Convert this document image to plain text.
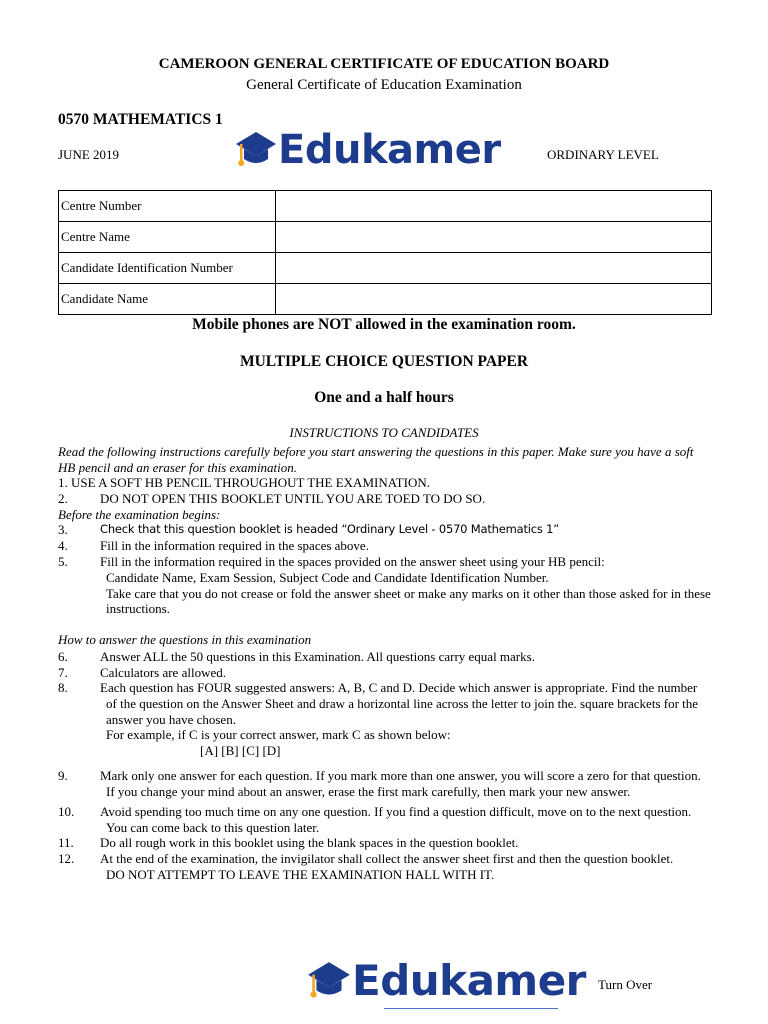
CAMEROON GENERAL CERTIFICATE OF EDUCATION BOARD
General Certificate of Education Examination
0570 MATHEMATICS 1
JUNE 2019	ORDINARY LEVEL
Edukamer
Centre Number	
Centre Name	
Candidate Identification Number	
Candidate Name	
Mobile phones are NOT allowed in the examination room.
MULTIPLE CHOICE QUESTION PAPER
One and a half hours
INSTRUCTIONS TO CANDIDATES
Read the following instructions carefully before you start answering the questions in this paper. Make sure you have a soft HB pencil and an eraser for this examination.
1. USE A SOFT HB PENCIL THROUGHOUT THE EXAMINATION.
2.	DO NOT OPEN THIS BOOKLET UNTIL YOU ARE TOED TO DO SO.
Before the examination begins:
3.	Check that this question booklet is headed “Ordinary Level - 0570 Mathematics 1”
4.	Fill in the information required in the spaces above.
5.	Fill in the information required in the spaces provided on the answer sheet using your HB pencil:
Candidate Name, Exam Session, Subject Code and Candidate Identification Number.
Take care that you do not crease or fold the answer sheet or make any marks on it other than those asked for in these instructions.
How to answer the questions in this examination
6.	Answer ALL the 50 questions in this Examination. All questions carry equal marks.
7.	Calculators are allowed.
8.	Each question has FOUR suggested answers: A, B, C and D. Decide which answer is appropriate. Find the number
of the question on the Answer Sheet and draw a horizontal line across the letter to join the. square brackets for the answer you have chosen.
For example, if C is your correct answer, mark C as shown below:
[A] [B] [C] [D]
9.	Mark only one answer for each question. If you mark more than one answer, you will score a zero for that question.
If you change your mind about an answer, erase the first mark carefully, then mark your new answer.
10.	Avoid spending too much time on any one question. If you find a question difficult, move on to the next question.
You can come back to this question later.
11.	Do all rough work in this booklet using the blank spaces in the question booklet.
12.	At the end of the examination, the invigilator shall collect the answer sheet first and then the question booklet.
DO NOT ATTEMPT TO LEAVE THE EXAMINATION HALL WITH IT.
Edukamer Turn Over
